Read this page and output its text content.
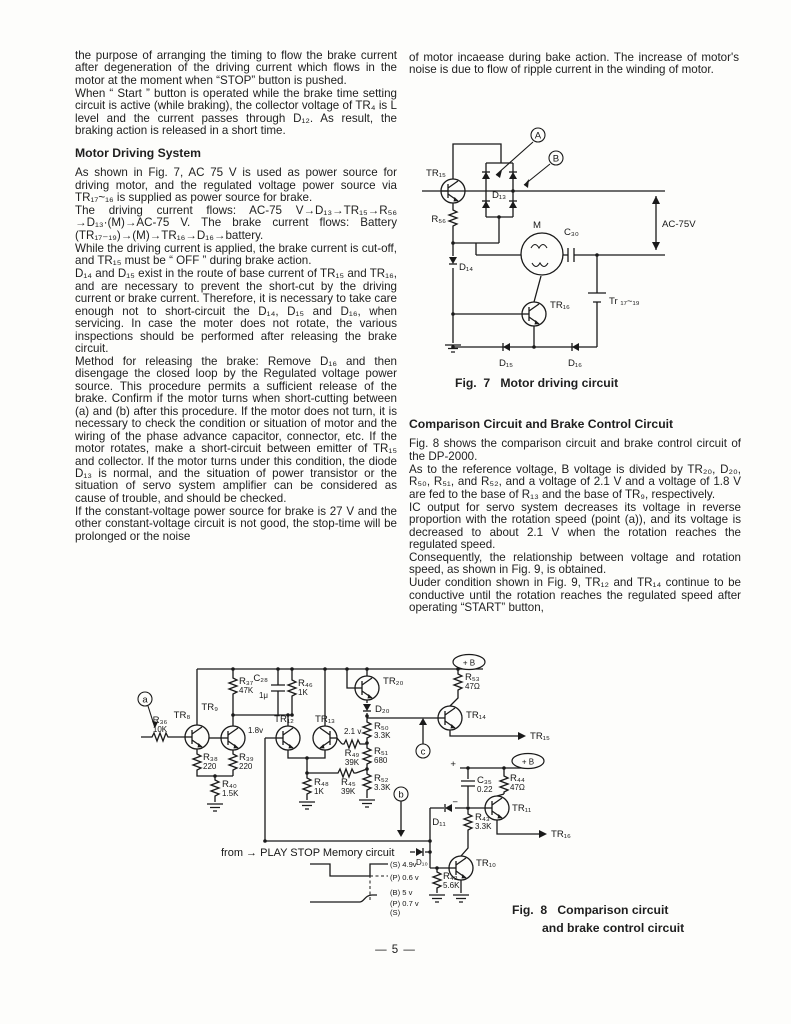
the purpose of arranging the timing to flow the brake current after degeneration of the driving current which flows in the motor at the moment when “STOP” button is pushed.

When “ Start ” button is operated while the brake time setting circuit is active (while braking), the collector voltage of TR₄ is L level and the current passes through D₁₂. As result, the braking action is released in a short time.

Motor Driving System

As shown in Fig. 7, AC 75 V is used as power source for driving motor, and the regulated voltage power source via TR₁₇~₁₆ is supplied as power source for brake.

The driving current flows: AC-75 V→D₁₃→TR₁₅→R₅₆ →D₁₃·(M)→AC-75 V. The brake current flows: Battery (TR₁₇₋₁₉)→(M)→TR₁₆→D₁₆→battery.

While the driving current is applied, the brake current is cut-off, and TR₁₅ must be “ OFF ” during brake action.

D₁₄ and D₁₅ exist in the route of base current of TR₁₅ and TR₁₆, and are necessary to prevent the short-cut by the driving current or brake current. Therefore, it is necessary to take care enough not to short-circuit the D₁₄, D₁₅ and D₁₆, when servicing. In case the moter does not rotate, the various inspections should be performed after releasing the brake circuit.

Method for releasing the brake: Remove D₁₆ and then disengage the closed loop by the Regulated voltage power source. This procedure permits a sufficient release of the brake. Confirm if the motor turns when short-cutting between (a) and (b) after this procedure. If the motor does not turn, it is necessary to check the condition or situation of motor and the wiring of the phase advance capacitor, connector, etc. If the motor rotates, make a short-circuit between emitter of TR₁₅ and collector. If the motor turns under this condition, the diode D₁₃ is normal, and the situation of power transistor or the situation of servo system amplifier can be considered as cause of trouble, and should be checked.

If the constant-voltage power source for brake is 27 V and the other constant-voltage circuit is not good, the stop-time will be prolonged or the noise

of motor incaease during bake action. The increase of motor's noise is due to flow of ripple current in the winding of motor.

A
B
TR₁₅
D₁₃
R₅₆
D₁₄
M
C₃₀
AC-75V
TR₁₆	Tr ₁₇~₁₉
D₁₅	D₁₆
Fig.  7   Motor driving circuit
Comparison Circuit and Brake Control Circuit

Fig. 8 shows the comparison circuit and brake control circuit of the DP-2000.

As to the reference voltage, B voltage is divided by TR₂₀, D₂₀, R₅₀, R₅₁, and R₅₂, and a voltage of 2.1 V and a voltage of 1.8 V are fed to the base of R₁₃ and the base of TR₉, respectively.

IC output for servo system decreases its voltage in reverse proportion with the rotation speed (point (a)), and its voltage is decreased to about 2.1 V when the rotation reaches the regulated speed.

Consequently, the relationship between voltage and rotation speed, as shown in Fig. 9, is obtained.

Uuder condition shown in Fig. 9, TR₁₂ and TR₁₄ continue to be conductive until the rotation reaches the regulated speed after operating “START” button,

a
b
c
R₃₆
10K
TR₈
R₃₈
220
TR₉
R₃₇
47K
1.8v
R₃₉
220
R₄₀
1.5K
C₂₈
1μ
R₄₆
1K
TR₁₂ TR₁₃
2.1 v
R₄₉
39K
R₄₈
1K
R₄₅
39K
TR₂₀
D₂₀
R₅₀
3.3K
R₅₁
680
R₅₂
3.3K
+ B
+ B
R₅₃
47Ω
TR₁₄
TR₁₅
+
−
C₃₅
0.22
R₄₄
47Ω
TR₁₁
D₁₁	R₄₃
3.3K
TR₁₆
D₁₀	TR₁₀
R₄₂
5.6K
from → PLAY STOP Memory circuit
(S) 4.9v
(P) 0.6 v
(B) 5 v
(P) 0.7 v
(S)	Fig.  8   Comparison circuit
and brake control circuit
— 5 —
